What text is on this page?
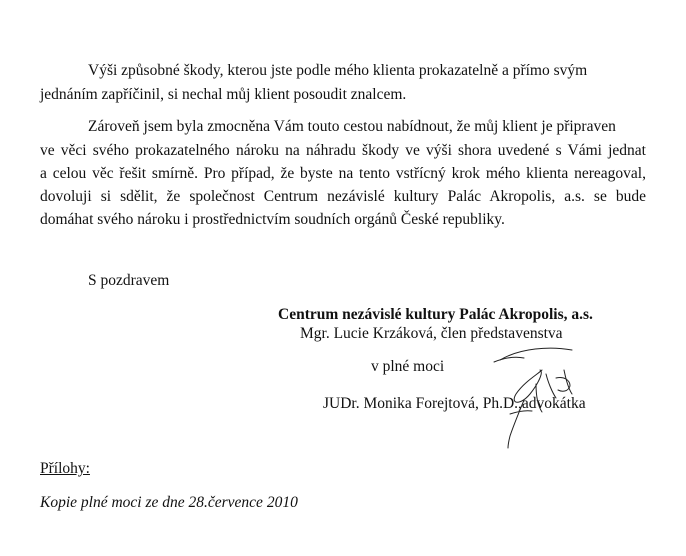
Výši způsobné škody, kterou jste podle mého klienta prokazatelně a přímo svým
jednáním zapříčinil, si nechal můj klient posoudit znalcem.
Zároveň jsem byla zmocněna Vám touto cestou nabídnout, že můj klient je připraven
ve věci svého prokazatelného nároku na náhradu škody ve výši shora uvedené s Vámi jednat
a celou věc řešit smírně. Pro případ, že byste na tento vstřícný krok mého klienta nereagoval,
dovoluji si sdělit, že společnost Centrum nezávislé kultury Palác Akropolis, a.s. se bude
domáhat svého nároku i prostřednictvím soudních orgánů České republiky.
S pozdravem
Centrum nezávislé kultury Palác Akropolis, a.s.
Mgr. Lucie Krzáková, člen představenstva
v plné moci
JUDr. Monika Forejtová, Ph.D.,advokátka
Přílohy:
Kopie plné moci ze dne 28.července 2010
